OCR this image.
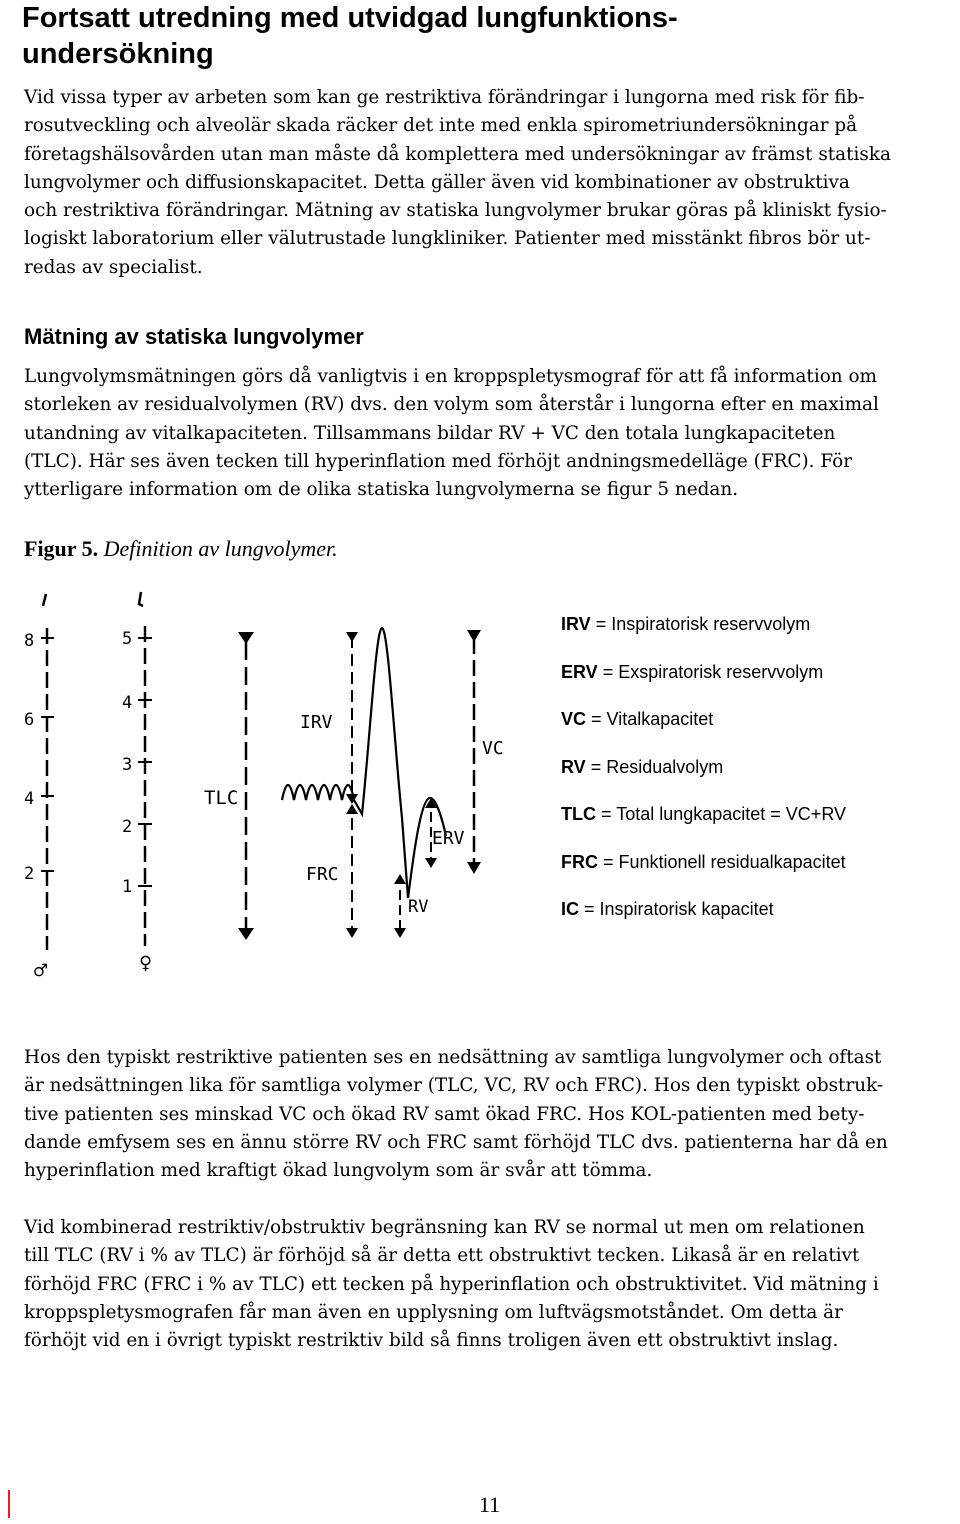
Fortsatt utredning med utvidgad lungfunktions-
undersökning

Vid vissa typer av arbeten som kan ge restriktiva förändringar i lungorna med risk för fib-
rosutveckling och alveolär skada räcker det inte med enkla spirometriundersökningar på
företagshälsovården utan man måste då komplettera med undersökningar av främst statiska
lungvolymer och diffusionskapacitet. Detta gäller även vid kombinationer av obstruktiva
och restriktiva förändringar. Mätning av statiska lungvolymer brukar göras på kliniskt fysio-
logiskt laboratorium eller välutrustade lungkliniker. Patienter med misstänkt fibros bör ut-
redas av specialist.

Mätning av statiska lungvolymer

Lungvolymsmätningen görs då vanligtvis i en kroppspletysmograf för att få information om
storleken av residualvolymen (RV) dvs. den volym som återstår i lungorna efter en maximal
utandning av vitalkapaciteten. Tillsammans bildar RV + VC den totala lungkapaciteten
(TLC). Här ses även tecken till hyperinflation med förhöjt andningsmedelläge (FRC). För
ytterligare information om de olika statiska lungvolymerna se figur 5 nedan.

Figur 5. Definition av lungvolymer.

8
6
4
2
♂
5
4
3
2
1
♀
TLC
IRV
FRC
RV
ERV
VC
IRV = Inspiratorisk reservvolym
ERV = Exspiratorisk reservvolym
VC = Vitalkapacitet
RV = Residualvolym
TLC = Total lungkapacitet = VC+RV
FRC = Funktionell residualkapacitet
IC = Inspiratorisk kapacitet

Hos den typiskt restriktive patienten ses en nedsättning av samtliga lungvolymer och oftast
är nedsättningen lika för samtliga volymer (TLC, VC, RV och FRC). Hos den typiskt obstruk-
tive patienten ses minskad VC och ökad RV samt ökad FRC. Hos KOL-patienten med bety-
dande emfysem ses en ännu större RV och FRC samt förhöjd TLC dvs. patienterna har då en
hyperinflation med kraftigt ökad lungvolym som är svår att tömma.

Vid kombinerad restriktiv/obstruktiv begränsning kan RV se normal ut men om relationen
till TLC (RV i % av TLC) är förhöjd så är detta ett obstruktivt tecken. Likaså är en relativt
förhöjd FRC (FRC i % av TLC) ett tecken på hyperinflation och obstruktivitet. Vid mätning i
kroppspletysmografen får man även en upplysning om luftvägsmotståndet. Om detta är
förhöjt vid en i övrigt typiskt restriktiv bild så finns troligen även ett obstruktivt inslag.

11
